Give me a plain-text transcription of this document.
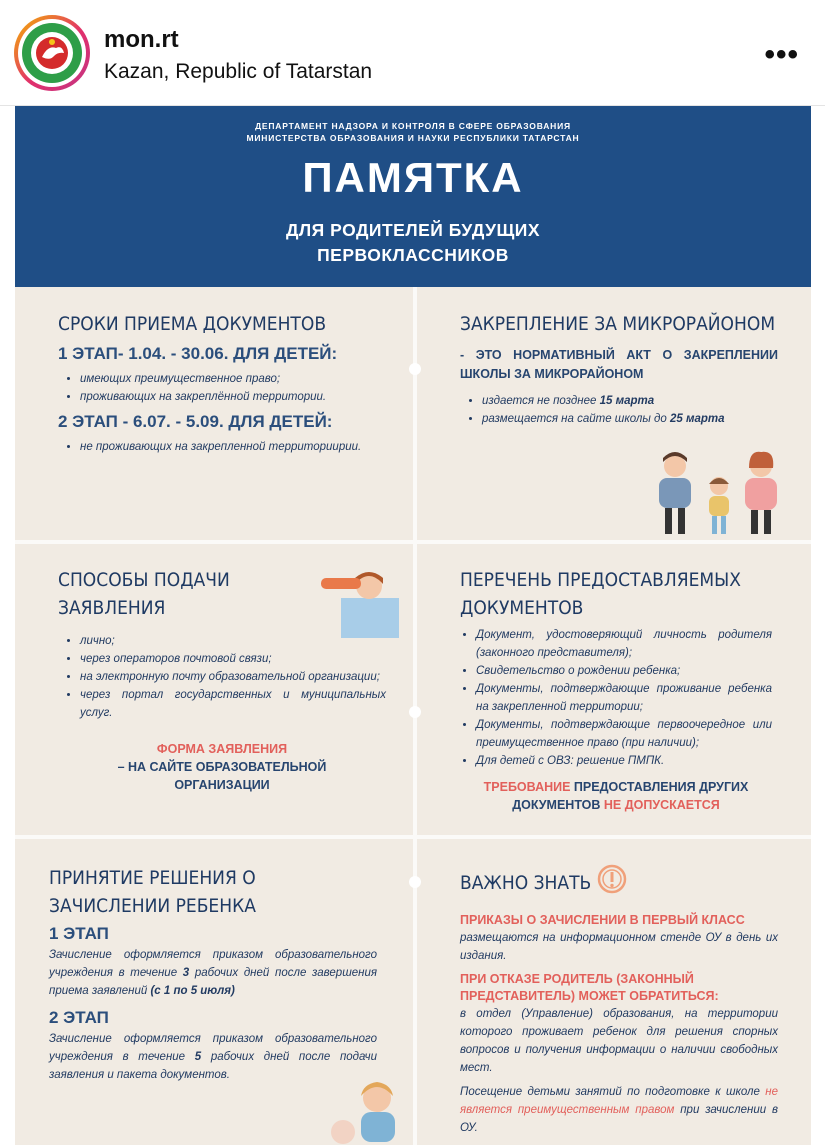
mon.rt
Kazan, Republic of Tatarstan
•••
ДЕПАРТАМЕНТ НАДЗОРА И КОНТРОЛЯ В СФЕРЕ ОБРАЗОВАНИЯ
МИНИСТЕРСТВА ОБРАЗОВАНИЯ И НАУКИ РЕСПУБЛИКИ ТАТАРСТАН
ПАМЯТКА
ДЛЯ РОДИТЕЛЕЙ БУДУЩИХ
ПЕРВОКЛАССНИКОВ

СРОКИ ПРИЕМА ДОКУМЕНТОВ

1 ЭТАП- 1.04. - 30.06. ДЛЯ ДЕТЕЙ:

• имеющих преимущественное право;
• проживающих на закреплённой территории.

2 ЭТАП - 6.07. - 5.09. ДЛЯ ДЕТЕЙ:

• не проживающих на закрепленной территориирии.

ЗАКРЕПЛЕНИЕ ЗА МИКРОРАЙОНОМ

- ЭТО НОРМАТИВНЫЙ АКТ О ЗАКРЕПЛЕНИИ ШКОЛЫ ЗА МИКРОРАЙОНОМ

• издается не позднее 15 марта
• размещается на сайте школы до 25 марта

СПОСОБЫ ПОДАЧИ
ЗАЯВЛЕНИЯ

• лично;
• через операторов почтовой связи;
• на электронную почту образовательной организации;
• через портал государственных и муниципальных услуг.
ФОРМА ЗАЯВЛЕНИЯ
– НА САЙТЕ ОБРАЗОВАТЕЛЬНОЙ ОРГАНИЗАЦИИ

ПЕРЕЧЕНЬ ПРЕДОСТАВЛЯЕМЫХ
ДОКУМЕНТОВ

• Документ, удостоверяющий личность родителя (законного представителя);
• Свидетельство о рождении ребенка;
• Документы, подтверждающие проживание ребенка на закрепленной территории;
• Документы, подтверждающие первоочередное или преимущественное право (при наличии);
• Для детей с ОВЗ: решение ПМПК.
ТРЕБОВАНИЕ ПРЕДОСТАВЛЕНИЯ ДРУГИХ ДОКУМЕНТОВ НЕ ДОПУСКАЕТСЯ

ПРИНЯТИЕ РЕШЕНИЯ О
ЗАЧИСЛЕНИИ РЕБЕНКА

1 ЭТАП

Зачисление оформляется приказом образовательного учреждения в течение 3 рабочих дней после завершения приема заявлений (с 1 по 5 июля)

2 ЭТАП

Зачисление оформляется приказом образовательного учреждения в течение 5 рабочих дней после подачи заявления и пакета документов.

ВАЖНО ЗНАТЬ

ПРИКАЗЫ О ЗАЧИСЛЕНИИ В ПЕРВЫЙ КЛАСС

размещаются на информационном стенде ОУ в день их издания.

ПРИ ОТКАЗЕ РОДИТЕЛЬ (ЗАКОННЫЙ ПРЕДСТАВИТЕЛЬ) МОЖЕТ ОБРАТИТЬСЯ:

в отдел (Управление) образования, на территории которого проживает ребенок для решения спорных вопросов и получения информации о наличии свободных мест.

Посещение детьми занятий по подготовке к школе не является преимущественным правом при зачислении в ОУ.
